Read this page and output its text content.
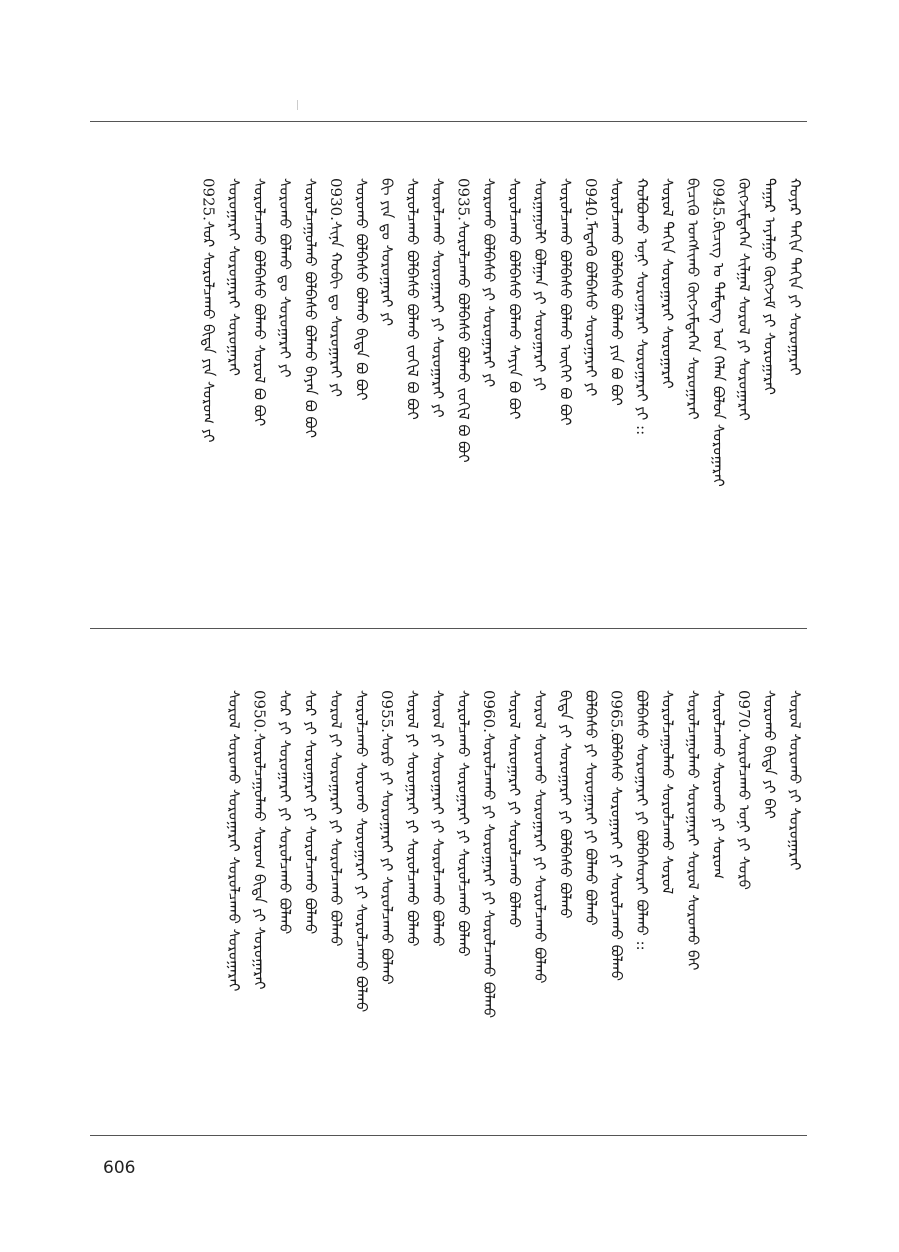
ᠬᠣᠶᠠᠷ ᠳᠠᠬᠢᠨ ᠳᠠᠬᠢᠨ ᠶᠢ ᠰᠤᠷᠤᠭᠠᠷᠠᠢ
ᠲᠠᠭᠠᠷ ᠠᠶᠠᠯᠭᠤ ᠬᠥᠭᠵᠢᠮ ᠶᠢ ᠰᠤᠷᠤᠭᠠᠷᠠᠢ
ᠬᠥᠭᠵᠢᠮᠳᠡᠭᠡᠨ ᠰᠢᠯᠭᠠᠯ ᠰᠤᠷᠤᠯ ᠶᠢ ᠰᠤᠷᠤᠭᠠᠷᠠᠢ
0945.ᠪᠢᠴᠢᠭ ᠤ ᠲᠡᠮᠳᠡᠭ ᠤᠨ ᠬᠡᠯᠡᠨ ᠪᠤᠯᠤᠨ ᠰᠤᠷᠤᠭᠠᠷᠠᠢ
ᠪᠢᠴᠢᠬᠦ ᠤᠩᠰᠢᠬᠤ ᠬᠥᠭᠵᠢᠮᠳᠡᠭᠡᠨ ᠰᠤᠷᠤᠭᠠᠷᠠᠢ
ᠰᠤᠷᠤᠯ ᠳᠠᠬᠢᠨ ᠰᠤᠷᠤᠭᠠᠷᠠᠢ ᠰᠤᠷᠤᠭᠠᠷᠠᠢ
ᠬᠣᠯᠪᠣᠬᠤ ᠤᠨᠢ ᠰᠤᠷᠤᠭᠠᠷᠠᠢ ᠰᠤᠷᠤᠭᠠᠷᠠᠢ ᠶᠢ ::
ᠰᠤᠷᠤᠯᠴᠠᠬᠤ ᠪᠣᠯᠪᠠᠰᠤ ᠪᠣᠯᠬᠤ ᠶᠢᠨ ᠪᠣ ᠪᠤᠢ
0940.ᠮᠡᠳᠡᠬᠦ ᠪᠣᠯᠪᠠᠰᠤ ᠰᠤᠷᠤᠭᠠᠷᠠᠢ ᠶᠢ
ᠰᠤᠷᠤᠯᠴᠠᠬᠤ ᠪᠣᠯᠪᠠᠰᠤ ᠪᠣᠯᠬᠤ ᠦᠭᠡᠢ ᠪᠣ ᠪᠤᠢ
ᠰᠤᠷᠭᠠᠭᠤᠯᠢ ᠪᠣᠯᠭᠠᠨ ᠶᠢ ᠰᠤᠷᠤᠭᠠᠷᠠᠢ ᠶᠢ
ᠰᠤᠷᠤᠯᠴᠠᠬᠤ ᠪᠣᠯᠪᠠᠰᠤ ᠪᠣᠯᠬᠤ ᠰᠠᠶᠢᠨ ᠪᠣ ᠪᠤᠢ
ᠰᠤᠷᠤᠬᠤ ᠪᠣᠯᠪᠠᠰᠤ ᠶᠢ ᠰᠤᠷᠤᠭᠠᠷᠠᠢ ᠶᠢ
0935.ᠰᠤᠷᠤᠯᠴᠠᠬᠤ ᠪᠣᠯᠪᠠᠰᠤ ᠪᠣᠯᠬᠤ ᠵᠣᠬᠢᠯ ᠪᠣ ᠪᠤᠢ
ᠰᠤᠷᠤᠯᠴᠠᠬᠤ ᠰᠤᠷᠤᠭᠠᠷᠠᠢ ᠶᠢ ᠰᠤᠷᠤᠭᠠᠷᠠᠢ ᠶᠢ
ᠰᠤᠷᠤᠯᠴᠠᠬᠤ ᠪᠣᠯᠪᠠᠰᠤ ᠪᠣᠯᠬᠤ ᠵᠣᠬᠢᠯ ᠪᠣ ᠪᠤᠢ
ᠪᠢ ᠶᠢᠨ ᠳᠣ ᠰᠤᠷᠤᠭᠠᠷᠠᠢ ᠶᠢ
ᠰᠤᠷᠤᠬᠤ ᠪᠣᠯᠪᠠᠰᠤ ᠪᠣᠯᠬᠤ ᠪᠢᠳᠡ ᠪᠣ ᠪᠤᠢ
0930.ᠰᠢᠨᠡ ᠬᠤᠪᠢ ᠳᠤ ᠰᠤᠷᠤᠭᠠᠷᠠᠢ ᠶᠢ
ᠰᠤᠷᠤᠯᠴᠠᠭᠤᠯᠬᠤ ᠪᠣᠯᠪᠠᠰᠤ ᠪᠣᠯᠬᠤ ᠪᠠᠶᠠᠨ ᠪᠣ ᠪᠤᠢ
ᠰᠤᠷᠤᠬᠤ ᠪᠣᠯᠬᠤ ᠳᠤ ᠰᠤᠷᠤᠭᠠᠷᠠᠢ ᠶᠢ
ᠰᠤᠷᠤᠯᠴᠠᠬᠤ ᠪᠣᠯᠪᠠᠰᠤ ᠪᠣᠯᠬᠤ ᠰᠤᠷᠤᠯ ᠪᠣ ᠪᠤᠢ
ᠰᠤᠷᠤᠭᠠᠷᠠᠢ ᠰᠤᠷᠤᠭᠠᠷᠠᠢ ᠰᠤᠷᠤᠭᠠᠷᠠᠢ
0925.ᠰᠤᠷ ᠰᠤᠷᠤᠯᠴᠠᠬᠤ ᠪᠢᠳᠡ ᠶᠢᠨ ᠰᠤᠷᠤᠭ ᠶᠢ
ᠰᠤᠷᠤᠯ ᠰᠤᠷᠤᠬᠤ ᠶᠢ ᠰᠤᠷᠤᠭᠠᠷᠠᠢ
ᠰᠤᠷᠤᠬᠤ ᠪᠢᠳᠡ ᠶᠢ ᠪᠠᠢ
0970.ᠰᠤᠷᠤᠯᠴᠠᠬᠤ ᠤᠨᠢ ᠶᠢ ᠰᠤᠷᠤ
ᠰᠤᠷᠤᠯᠴᠠᠬᠤ ᠰᠤᠷᠤᠬᠤ ᠶᠢ ᠰᠤᠷᠤᠭ
ᠰᠤᠷᠤᠯᠴᠠᠭᠤᠯᠬᠤ ᠰᠤᠷᠤᠭᠠᠷᠠᠢ ᠰᠤᠷᠤᠯ ᠰᠤᠷᠤᠬᠤ ᠪᠠᠢ
ᠰᠤᠷᠤᠯᠴᠠᠭᠤᠯᠬᠤ ᠰᠤᠷᠤᠯᠴᠠᠬᠤ ᠰᠤᠷᠤᠯ
ᠪᠣᠯᠪᠠᠰᠤ ᠰᠤᠷᠤᠭᠠᠷᠠᠢ ᠶᠢ ᠪᠣᠯᠪᠠᠰᠤᠷᠠᠢ ᠪᠣᠯᠬᠤ ::
0965.ᠪᠣᠯᠪᠠᠰᠤ ᠰᠤᠷᠤᠭᠠᠷᠠᠢ ᠶᠢ ᠰᠤᠷᠤᠯᠴᠠᠬᠤ ᠪᠣᠯᠬᠤ
ᠪᠣᠯᠪᠠᠰᠤ ᠶᠢ ᠰᠤᠷᠤᠭᠠᠷᠠᠢ ᠶᠢ ᠪᠣᠯᠬᠤ ᠪᠣᠯᠬᠤ
ᠪᠢᠳᠡ ᠶᠢ ᠰᠤᠷᠤᠭᠠᠷᠠᠢ ᠶᠢ ᠪᠣᠯᠪᠠᠰᠤ ᠪᠣᠯᠬᠤ
ᠰᠤᠷᠤᠯ ᠰᠤᠷᠤᠬᠤ ᠰᠤᠷᠤᠭᠠᠷᠠᠢ ᠶᠢ ᠰᠤᠷᠤᠯᠴᠠᠬᠤ ᠪᠣᠯᠬᠤ
ᠰᠤᠷᠤᠯ ᠰᠤᠷᠤᠭᠠᠷᠠᠢ ᠶᠢ ᠰᠤᠷᠤᠯᠴᠠᠬᠤ ᠪᠣᠯᠬᠤ
0960.ᠰᠤᠷᠤᠯᠴᠠᠬᠤ ᠶᠢ ᠰᠤᠷᠤᠭᠠᠷᠠᠢ ᠶᠢ ᠰᠤᠷᠤᠯᠴᠠᠬᠤ ᠪᠣᠯᠬᠤ
ᠰᠤᠷᠤᠯᠴᠠᠬᠤ ᠰᠤᠷᠤᠭᠠᠷᠠᠢ ᠶᠢ ᠰᠤᠷᠤᠯᠴᠠᠬᠤ ᠪᠣᠯᠬᠤ
ᠰᠤᠷᠤᠯ ᠶᠢ ᠰᠤᠷᠤᠭᠠᠷᠠᠢ ᠶᠢ ᠰᠤᠷᠤᠯᠴᠠᠬᠤ ᠪᠣᠯᠬᠤ
ᠰᠤᠷᠤᠯ ᠶᠢ ᠰᠤᠷᠤᠭᠠᠷᠠᠢ ᠶᠢ ᠰᠤᠷᠤᠯᠴᠠᠬᠤ ᠪᠣᠯᠬᠤ
0955.ᠰᠤᠷᠤ ᠶᠢ ᠰᠤᠷᠤᠭᠠᠷᠠᠢ ᠶᠢ ᠰᠤᠷᠤᠯᠴᠠᠬᠤ ᠪᠣᠯᠬᠤ
ᠰᠤᠷᠤᠯᠴᠠᠬᠤ ᠰᠤᠷᠤᠬᠤ ᠰᠤᠷᠤᠭᠠᠷᠠᠢ ᠶᠢ ᠰᠤᠷᠤᠯᠴᠠᠬᠤ ᠪᠣᠯᠬᠤ
ᠰᠤᠷᠤᠯ ᠶᠢ ᠰᠤᠷᠤᠭᠠᠷᠠᠢ ᠶᠢ ᠰᠤᠷᠤᠯᠴᠠᠬᠤ ᠪᠣᠯᠬᠤ
ᠰᠤᠷ ᠶᠢ ᠰᠤᠷᠤᠭᠠᠷᠠᠢ ᠶᠢ ᠰᠤᠷᠤᠯᠴᠠᠬᠤ ᠪᠣᠯᠬᠤ
ᠰᠤᠷ ᠶᠢ ᠰᠤᠷᠤᠭᠠᠷᠠᠢ ᠶᠢ ᠰᠤᠷᠤᠯᠴᠠᠬᠤ ᠪᠣᠯᠬᠤ
0950.ᠰᠤᠷᠤᠯᠴᠠᠭᠤᠯᠬᠤ ᠰᠤᠷᠤᠭ ᠪᠢᠳᠡ ᠶᠢ ᠰᠤᠷᠤᠭᠠᠷᠠᠢ
ᠰᠤᠷᠤᠯ ᠰᠤᠷᠤᠬᠤ ᠰᠤᠷᠤᠭᠠᠷᠠᠢ ᠰᠤᠷᠤᠯᠴᠠᠬᠤ ᠰᠤᠷᠤᠭᠠᠷᠠᠢ
606
